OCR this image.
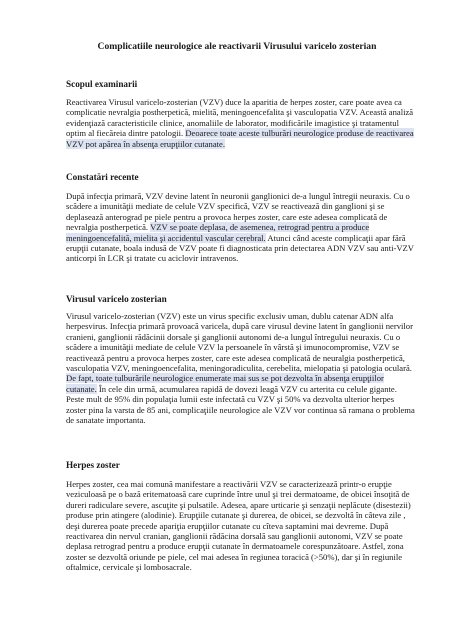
Complicatiile neurologice ale reactivarii Virusului varicelo zosterian
Scopul examinarii

Reactivarea Virusul varicelo-zosterian (VZV) duce la aparitia de herpes zoster, care poate avea ca complicatie nevralgia postherpetică, mielită, meningoencefalita şi vasculopatia VZV. Această analiză evidenţiază caracteristicile clinice, anomaliile de laborator, modificările imagistice şi tratamentul optim al fiecăreia dintre patologii. Deoarece toate aceste tulburări neurologice produse de reactivarea VZV pot apărea în absenţa erupţiilor cutanate.

Constatări recente

După infecţia primară, VZV devine latent în neuronii ganglionici de-a lungul întregii neuraxis. Cu o scădere a imunităţii mediate de celule VZV specifică, VZV se reactivează din ganglioni şi se deplasează anterograd pe piele pentru a provoca herpes zoster, care este adesea complicată de nevralgia postherpetică. VZV se poate deplasa, de asemenea, retrograd pentru a produce meningoencefalită, mielita şi accidentul vascular cerebral. Atunci când aceste complicaţii apar fără erupţii cutanate, boala indusă de VZV poate fi diagnosticata prin detectarea ADN VZV sau anti-VZV anticorpi în LCR şi tratate cu aciclovir intravenos.

Virusul varicelo zosterian

Virusul varicelo-zosterian (VZV) este un virus specific exclusiv uman, dublu catenar ADN alfa herpesvirus. Infecţia primară provoacă varicela, după care virusul devine latent în ganglionii nervilor cranieni, ganglionii rădăcinii dorsale şi ganglionii autonomi de-a lungul întregului neuraxis. Cu o scădere a imunităţii mediate de celule VZV la persoanele în vârstă şi imunocompromise, VZV se reactivează pentru a provoca herpes zoster, care este adesea complicată de neuralgia postherpetică, vasculopatia VZV, meningoencefalita, meningoradiculita, cerebelita, mielopatia şi patologia oculară. De fapt, toate tulburările neurologice enumerate mai sus se pot dezvolta în absenţa erupţiilor cutanate. În cele din urmă, acumularea rapidă de dovezi leagă VZV cu arterita cu celule gigante. Peste mult de 95% din populaţia lumii este infectată cu VZV şi 50% va dezvolta ulterior herpes zoster pina la varsta de 85 ani, complicaţiile neurologice ale VZV vor continua să ramana o problema de sanatate importanta.

Herpes zoster

Herpes zoster, cea mai comună manifestare a reactivării VZV se caracterizează printr-o erupţie veziculoasă pe o bază eritematoasă care cuprinde între unul şi trei dermatoame, de obicei însoţită de dureri radiculare severe, ascuţite şi pulsatile. Adesea, apare urticarie şi senzaţii neplăcute (disestezii) produse prin atingere (alodinie). Erupţiile cutanate şi durerea, de obicei, se dezvoltă în câteva zile , deşi durerea poate precede apariţia erupţiilor cutanate cu cîteva saptamini mai devreme. După reactivarea din nervul cranian, ganglionii rădăcina dorsală sau ganglionii autonomi, VZV se poate deplasa retrograd pentru a produce erupţii cutanate în dermatoamele corespunzătoare. Astfel, zona zoster se dezvoltă oriunde pe piele, cel mai adesea în regiunea toracică (>50%), dar şi în regiunile oftalmice, cervicale şi lombosacrale.
